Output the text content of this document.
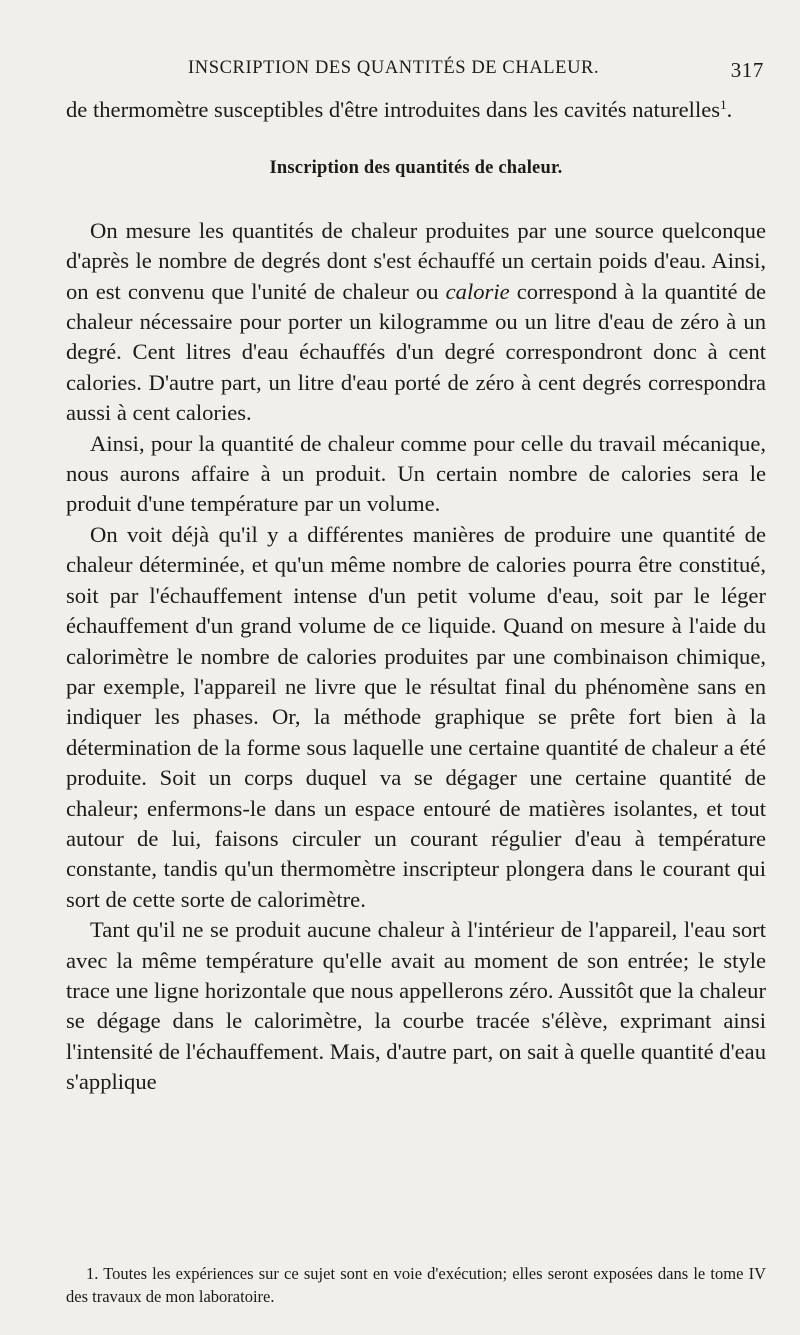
INSCRIPTION DES QUANTITÉS DE CHALEUR.	317

de thermomètre susceptibles d'être introduites dans les cavités naturelles$^1$.

Inscription des quantités de chaleur.

On mesure les quantités de chaleur produites par une source quelconque d'après le nombre de degrés dont s'est échauffé un certain poids d'eau. Ainsi, on est convenu que l'unité de chaleur ou calorie correspond à la quantité de chaleur nécessaire pour porter un kilogramme ou un litre d'eau de zéro à un degré. Cent litres d'eau échauffés d'un degré correspondront donc à cent calories. D'autre part, un litre d'eau porté de zéro à cent degrés correspondra aussi à cent calories.

Ainsi, pour la quantité de chaleur comme pour celle du travail mécanique, nous aurons affaire à un produit. Un certain nombre de calories sera le produit d'une température par un volume.

On voit déjà qu'il y a différentes manières de produire une quantité de chaleur déterminée, et qu'un même nombre de calories pourra être constitué, soit par l'échauffement intense d'un petit volume d'eau, soit par le léger échauffement d'un grand volume de ce liquide. Quand on mesure à l'aide du calorimètre le nombre de calories produites par une combinaison chimique, par exemple, l'appareil ne livre que le résultat final du phénomène sans en indiquer les phases. Or, la méthode graphique se prête fort bien à la détermination de la forme sous laquelle une certaine quantité de chaleur a été produite. Soit un corps duquel va se dégager une certaine quantité de chaleur; enfermons-le dans un espace entouré de matières isolantes, et tout autour de lui, faisons circuler un courant régulier d'eau à température constante, tandis qu'un thermomètre inscripteur plongera dans le courant qui sort de cette sorte de calorimètre.

Tant qu'il ne se produit aucune chaleur à l'intérieur de l'appareil, l'eau sort avec la même température qu'elle avait au moment de son entrée; le style trace une ligne horizontale que nous appellerons zéro. Aussitôt que la chaleur se dégage dans le calorimètre, la courbe tracée s'élève, exprimant ainsi l'intensité de l'échauffement. Mais, d'autre part, on sait à quelle quantité d'eau s'applique

1. Toutes les expériences sur ce sujet sont en voie d'exécution; elles seront exposées dans le tome IV des travaux de mon laboratoire.
